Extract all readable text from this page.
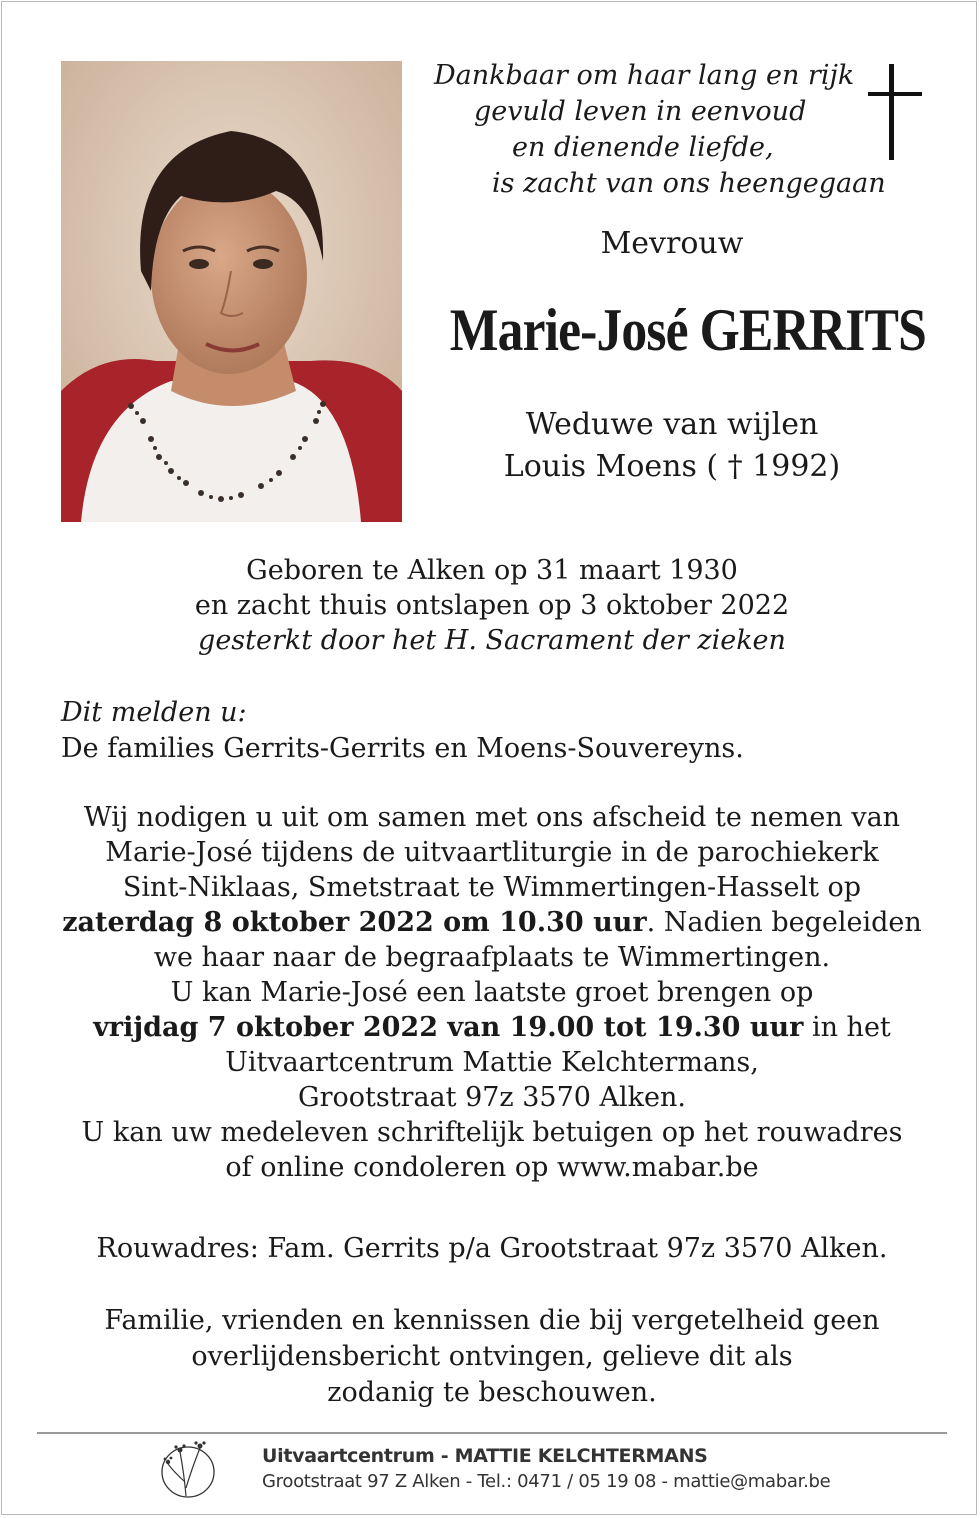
Dankbaar om haar lang en rijk
gevuld leven in eenvoud
en dienende liefde,
is zacht van ons heengegaan
Mevrouw
Marie-José GERRITS
Weduwe van wijlen
Louis Moens ( † 1992)
Geboren te Alken op 31 maart 1930
en zacht thuis ontslapen op 3 oktober 2022
gesterkt door het H. Sacrament der zieken
Dit melden u:
De families Gerrits-Gerrits en Moens-Souvereyns.
Wij nodigen u uit om samen met ons afscheid te nemen van
Marie-José tijdens de uitvaartliturgie in de parochiekerk
Sint-Niklaas, Smetstraat te Wimmertingen-Hasselt op
zaterdag 8 oktober 2022 om 10.30 uur. Nadien begeleiden
we haar naar de begraafplaats te Wimmertingen.
U kan Marie-José een laatste groet brengen op
vrijdag 7 oktober 2022 van 19.00 tot 19.30 uur in het
Uitvaartcentrum Mattie Kelchtermans,
Grootstraat 97z 3570 Alken.
U kan uw medeleven schriftelijk betuigen op het rouwadres
of online condoleren op www.mabar.be
Rouwadres: Fam. Gerrits p/a Grootstraat 97z 3570 Alken.
Familie, vrienden en kennissen die bij vergetelheid geen
overlijdensbericht ontvingen, gelieve dit als
zodanig te beschouwen.
Uitvaartcentrum - MATTIE KELCHTERMANS
Grootstraat 97 Z Alken - Tel.: 0471 / 05 19 08 - mattie@mabar.be
